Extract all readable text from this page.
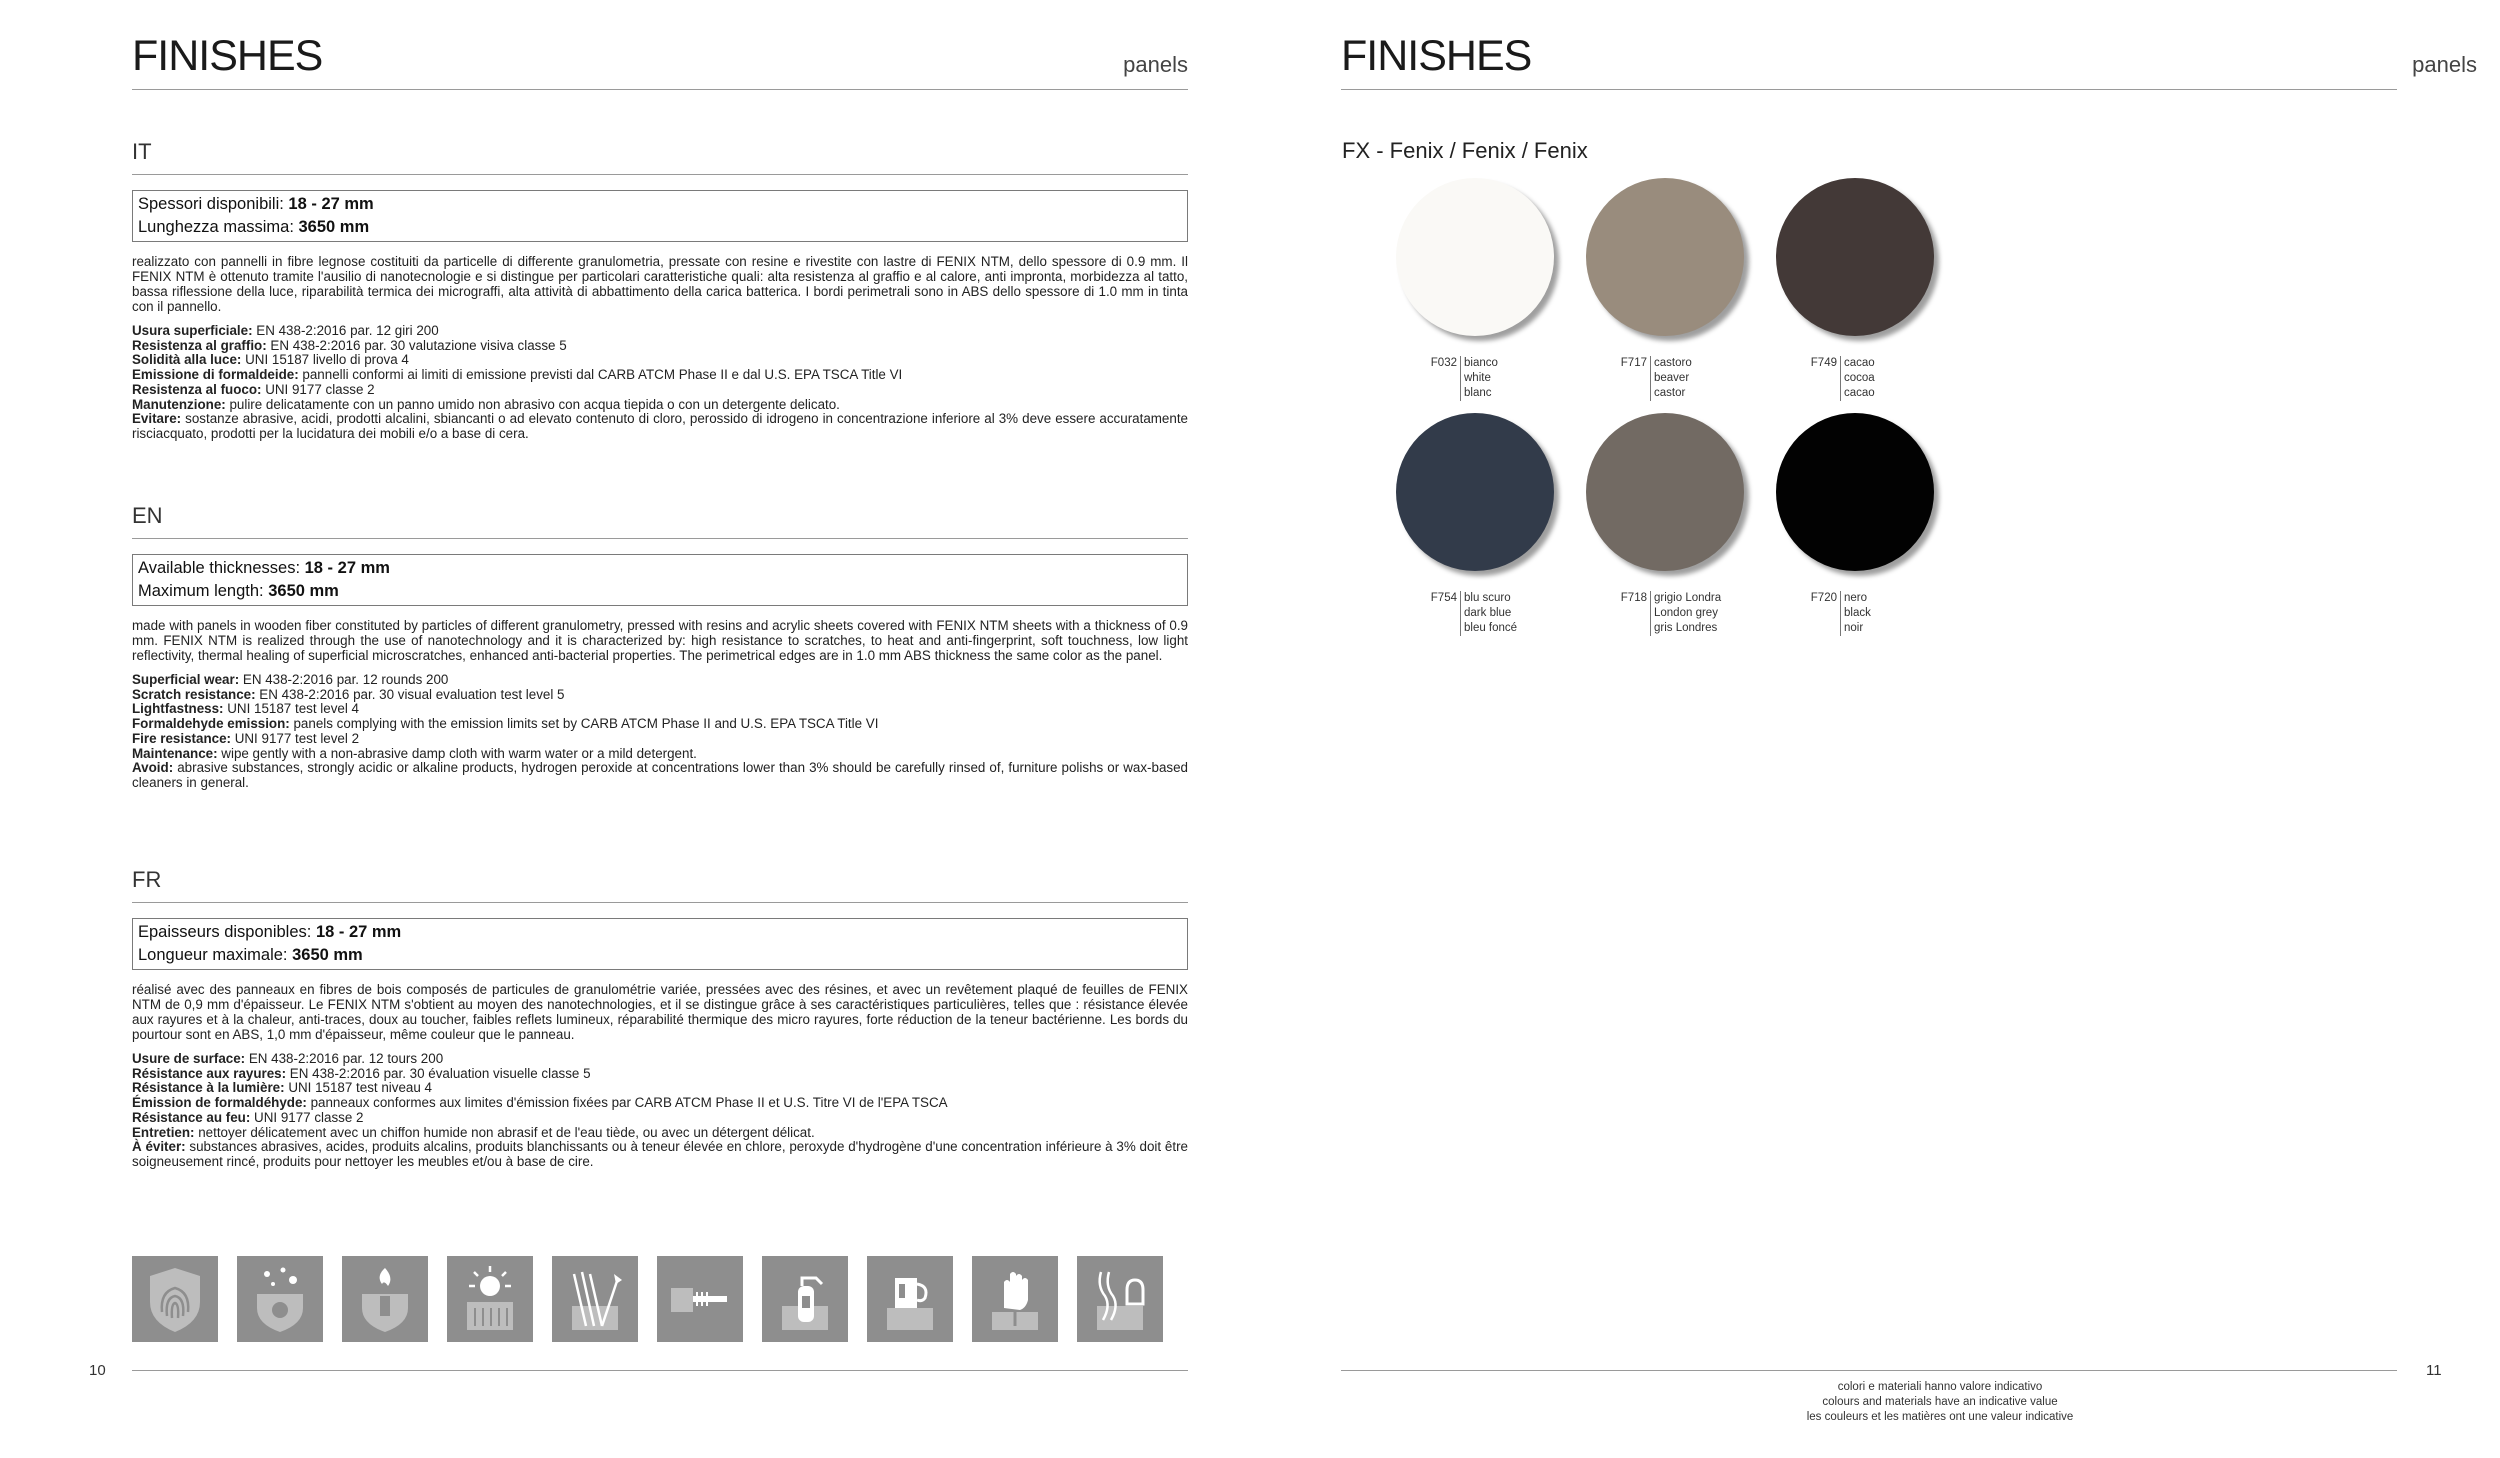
FINISHES	panels
IT
Spessori disponibili: 18 - 27 mm
Lunghezza massima: 3650 mm
realizzato con pannelli in fibre legnose costituiti da particelle di differente granulometria, pressate con resine e rivestite con lastre di FENIX NTM, dello spessore di 0.9 mm. Il FENIX NTM è ottenuto tramite l'ausilio di nanotecnologie e si distingue per particolari caratteristiche quali: alta resistenza al graffio e al calore, anti impronta, morbidezza al tatto, bassa riflessione della luce, riparabilità termica dei micrograffi, alta attività di abbattimento della carica batterica. I bordi perimetrali sono in ABS dello spessore di 1.0 mm in tinta con il pannello.
Usura superficiale: EN 438-2:2016 par. 12 giri 200
Resistenza al graffio: EN 438-2:2016 par. 30 valutazione visiva classe 5
Solidità alla luce: UNI 15187 livello di prova 4
Emissione di formaldeide: pannelli conformi ai limiti di emissione previsti dal CARB ATCM Phase II e dal U.S. EPA TSCA Title VI
Resistenza al fuoco: UNI 9177 classe 2
Manutenzione: pulire delicatamente con un panno umido non abrasivo con acqua tiepida o con un detergente delicato.
Evitare: sostanze abrasive, acidi, prodotti alcalini, sbiancanti o ad elevato contenuto di cloro, perossido di idrogeno in concentrazione inferiore al 3% deve essere accuratamente risciacquato, prodotti per la lucidatura dei mobili e/o a base di cera.
EN
Available thicknesses: 18 - 27 mm
Maximum length: 3650 mm
made with panels in wooden fiber constituted by particles of different granulometry, pressed with resins and acrylic sheets covered with FENIX NTM sheets with a thickness of 0.9 mm. FENIX NTM is realized through the use of nanotechnology and it is characterized by: high resistance to scratches, to heat and anti-fingerprint, soft touchness, low light reflectivity, thermal healing of superficial microscratches, enhanced anti-bacterial properties. The perimetrical edges are in 1.0 mm ABS thickness the same color as the panel.
Superficial wear: EN 438-2:2016 par. 12 rounds 200
Scratch resistance: EN 438-2:2016 par. 30 visual evaluation test level 5
Lightfastness: UNI 15187 test level 4
Formaldehyde emission: panels complying with the emission limits set by CARB ATCM Phase II and U.S. EPA TSCA Title VI
Fire resistance: UNI 9177 test level 2
Maintenance: wipe gently with a non-abrasive damp cloth with warm water or a mild detergent.
Avoid: abrasive substances, strongly acidic or alkaline products, hydrogen peroxide at concentrations lower than 3% should be carefully rinsed of, furniture polishs or wax-based cleaners in general.
FR
Epaisseurs disponibles: 18 - 27 mm
Longueur maximale: 3650 mm
réalisé avec des panneaux en fibres de bois composés de particules de granulométrie variée, pressées avec des résines, et avec un revêtement plaqué de feuilles de FENIX NTM de 0,9 mm d'épaisseur. Le FENIX NTM s'obtient au moyen des nanotechnologies, et il se distingue grâce à ses caractéristiques particulières, telles que : résistance élevée aux rayures et à la chaleur, anti-traces, doux au toucher, faibles reflets lumineux, réparabilité thermique des micro rayures, forte réduction de la teneur bactérienne. Les bords du pourtour sont en ABS, 1,0 mm d'épaisseur, même couleur que le panneau.
Usure de surface: EN 438-2:2016 par. 12 tours 200
Résistance aux rayures: EN 438-2:2016 par. 30 évaluation visuelle classe 5
Résistance à la lumière: UNI 15187 test niveau 4
Émission de formaldéhyde: panneaux conformes aux limites d'émission fixées par CARB ATCM Phase II et U.S. Titre VI de l'EPA TSCA
Résistance au feu: UNI 9177 classe 2
Entretien: nettoyer délicatement avec un chiffon humide non abrasif et de l'eau tiède, ou avec un détergent délicat.
À éviter: substances abrasives, acides, produits alcalins, produits blanchissants ou à teneur élevée en chlore, peroxyde d'hydrogène d'une concentration inférieure à 3% doit être soigneusement rincé, produits pour nettoyer les meubles et/ou à base de cire.
10
FINISHES	panels
FX - Fenix / Fenix / Fenix
F032 bianco
white
blanc
F717 castoro
beaver
castor
F749 cacao
cocoa
cacao
F754 blu scuro
dark blue
bleu foncé
F718 grigio Londra
London grey
gris Londres
F720 nero
black
noir
11
colori e materiali hanno valore indicativo
colours and materials have an indicative value
les couleurs et les matières ont une valeur indicative
